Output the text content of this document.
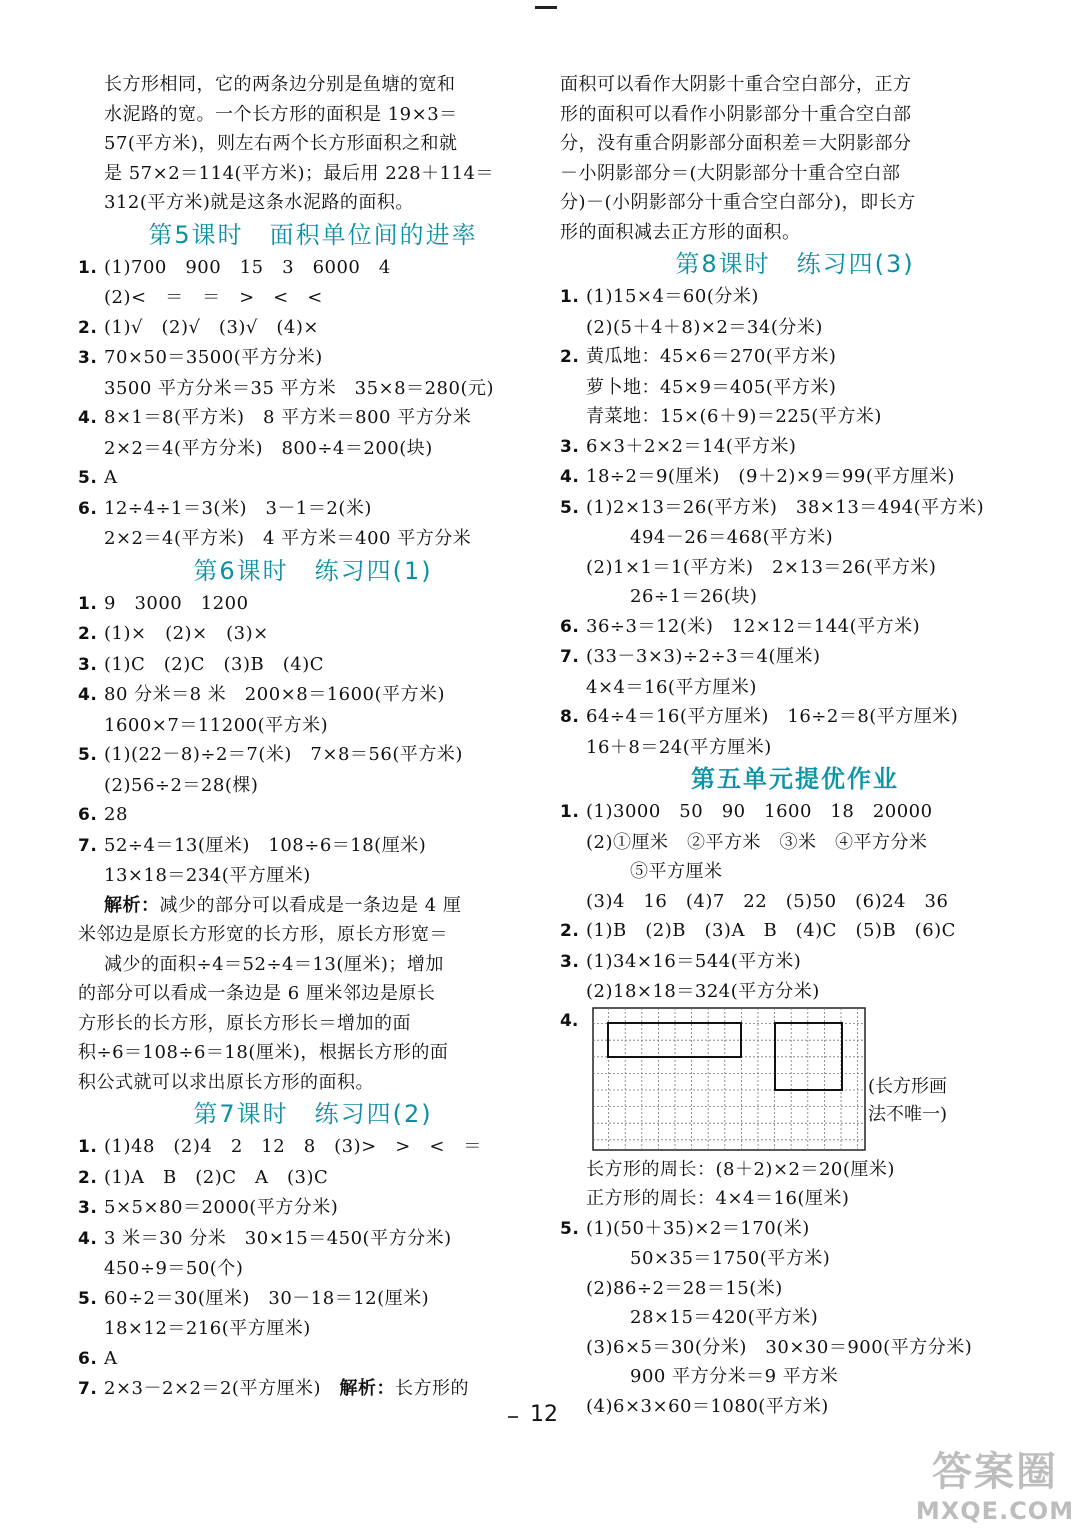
长方形相同，它的两条边分别是鱼塘的宽和

水泥路的宽。一个长方形的面积是 19×3＝

57(平方米)，则左右两个长方形面积之和就

是 57×2＝114(平方米)；最后用 228＋114＝

312(平方米)就是这条水泥路的面积。

第5课时　面积单位间的进率

1. (1)700　900　15　3　6000　4

(2)<　＝　＝　>　<　<

2. (1)√　(2)√　(3)√　(4)×

3. 70×50＝3500(平方分米)

3500 平方分米＝35 平方米　35×8＝280(元)

4. 8×1＝8(平方米)　8 平方米＝800 平方分米

2×2＝4(平方分米)　800÷4＝200(块)

5. A

6. 12÷4÷1＝3(米)　3－1＝2(米)

2×2＝4(平方米)　4 平方米＝400 平方分米

第6课时　练习四(1)

1. 9　3000　1200

2. (1)×　(2)×　(3)×

3. (1)C　(2)C　(3)B　(4)C

4. 80 分米＝8 米　200×8＝1600(平方米)

1600×7＝11200(平方米)

5. (1)(22－8)÷2＝7(米)　7×8＝56(平方米)

(2)56÷2＝28(棵)

6. 28

7. 52÷4＝13(厘米)　108÷6＝18(厘米)

13×18＝234(平方厘米)

解析：减少的部分可以看成是一条边是 4 厘

米邻边是原长方形宽的长方形，原长方形宽＝

减少的面积÷4＝52÷4＝13(厘米)；增加

的部分可以看成一条边是 6 厘米邻边是原长

方形长的长方形，原长方形长＝增加的面

积÷6＝108÷6＝18(厘米)，根据长方形的面

积公式就可以求出原长方形的面积。

第7课时　练习四(2)

1. (1)48　(2)4　2　12　8　(3)>　>　<　＝

2. (1)A　B　(2)C　A　(3)C

3. 5×5×80＝2000(平方分米)

4. 3 米＝30 分米　30×15＝450(平方分米)

450÷9＝50(个)

5. 60÷2＝30(厘米)　30－18＝12(厘米)

18×12＝216(平方厘米)

6. A

7. 2×3－2×2＝2(平方厘米)　解析：长方形的

面积可以看作大阴影十重合空白部分，正方

形的面积可以看作小阴影部分十重合空白部

分，没有重合阴影部分面积差＝大阴影部分

－小阴影部分＝(大阴影部分十重合空白部

分)－(小阴影部分十重合空白部分)，即长方

形的面积减去正方形的面积。

第8课时　练习四(3)

1. (1)15×4＝60(分米)

(2)(5＋4＋8)×2＝34(分米)

2. 黄瓜地：45×6＝270(平方米)

萝卜地：45×9＝405(平方米)

青菜地：15×(6＋9)＝225(平方米)

3. 6×3＋2×2＝14(平方米)

4. 18÷2＝9(厘米)　(9＋2)×9＝99(平方厘米)

5. (1)2×13＝26(平方米)　38×13＝494(平方米)

494－26＝468(平方米)

(2)1×1＝1(平方米)　2×13＝26(平方米)

26÷1＝26(块)

6. 36÷3＝12(米)　12×12＝144(平方米)

7. (33－3×3)÷2÷3＝4(厘米)

4×4＝16(平方厘米)

8. 64÷4＝16(平方厘米)　16÷2＝8(平方厘米)

16＋8＝24(平方厘米)

第五单元提优作业

1. (1)3000　50　90　1600　18　20000

(2)①厘米　②平方米　③米　④平方分米

⑤平方厘米

(3)4　16　(4)7　22　(5)50　(6)24　36

2. (1)B　(2)B　(3)A　B　(4)C　(5)B　(6)C

3. (1)34×16＝544(平方米)

(2)18×18＝324(平方分米)

4.
(长方形画
法不唯一)

长方形的周长：(8＋2)×2＝20(厘米)

正方形的周长：4×4＝16(厘米)

5. (1)(50＋35)×2＝170(米)

50×35＝1750(平方米)

(2)86÷2＝28＝15(米)

28×15＝420(平方米)

(3)6×5＝30(分米)　30×30＝900(平方分米)

900 平方分米＝9 平方米

(4)6×3×60＝1080(平方米)

12
答案圈
MXQE.COM
